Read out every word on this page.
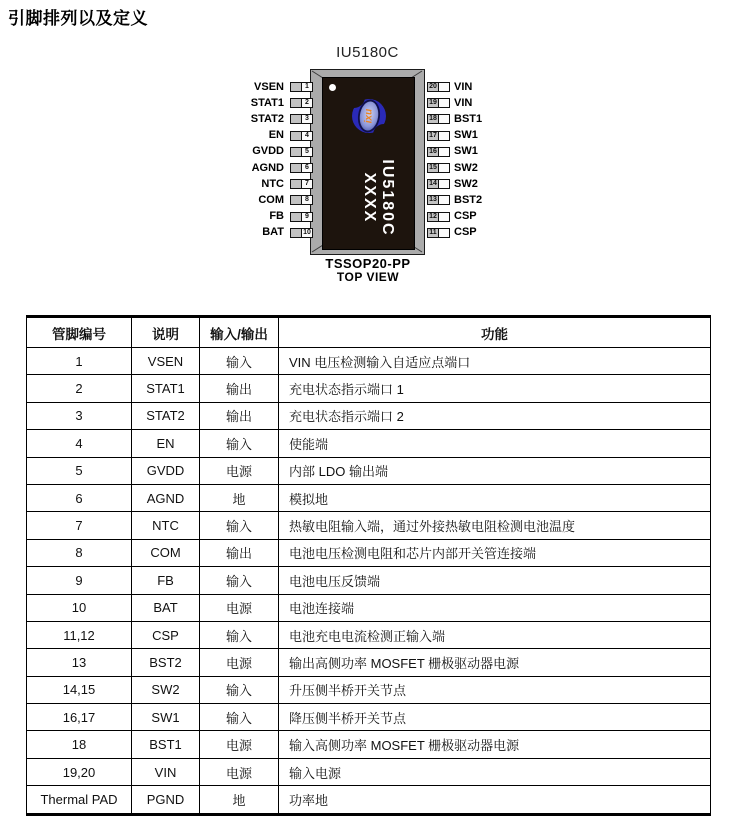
引脚排列以及定义
IU5180C
ixu
IU5180C
XXXX
VSEN	1
STAT1	2
STAT2	3
EN	4
GVDD	5
AGND	6
NTC	7
COM	8
FB	9
BAT	10
VIN
20
VIN
19
BST1
18
SW1
17
SW1
16
SW2
15
SW2
14
BST2
13
CSP
12
CSP
11
TSSOP20-PP
TOP VIEW
管脚编号	说明	输入/输出	功能
1	VSEN	输入	VIN 电压检测输入自适应点端口
2	STAT1	输出	充电状态指示端口 1
3	STAT2	输出	充电状态指示端口 2
4	EN	输入	使能端
5	GVDD	电源	内部 LDO 输出端
6	AGND	地	模拟地
7	NTC	输入	热敏电阻输入端，通过外接热敏电阻检测电池温度
8	COM	输出	电池电压检测电阻和芯片内部开关管连接端
9	FB	输入	电池电压反馈端
10	BAT	电源	电池连接端
11,12	CSP	输入	电池充电电流检测正输入端
13	BST2	电源	输出高侧功率 MOSFET 栅极驱动器电源
14,15	SW2	输入	升压侧半桥开关节点
16,17	SW1	输入	降压侧半桥开关节点
18	BST1	电源	输入高侧功率 MOSFET 栅极驱动器电源
19,20	VIN	电源	输入电源
Thermal PAD	PGND	地	功率地
